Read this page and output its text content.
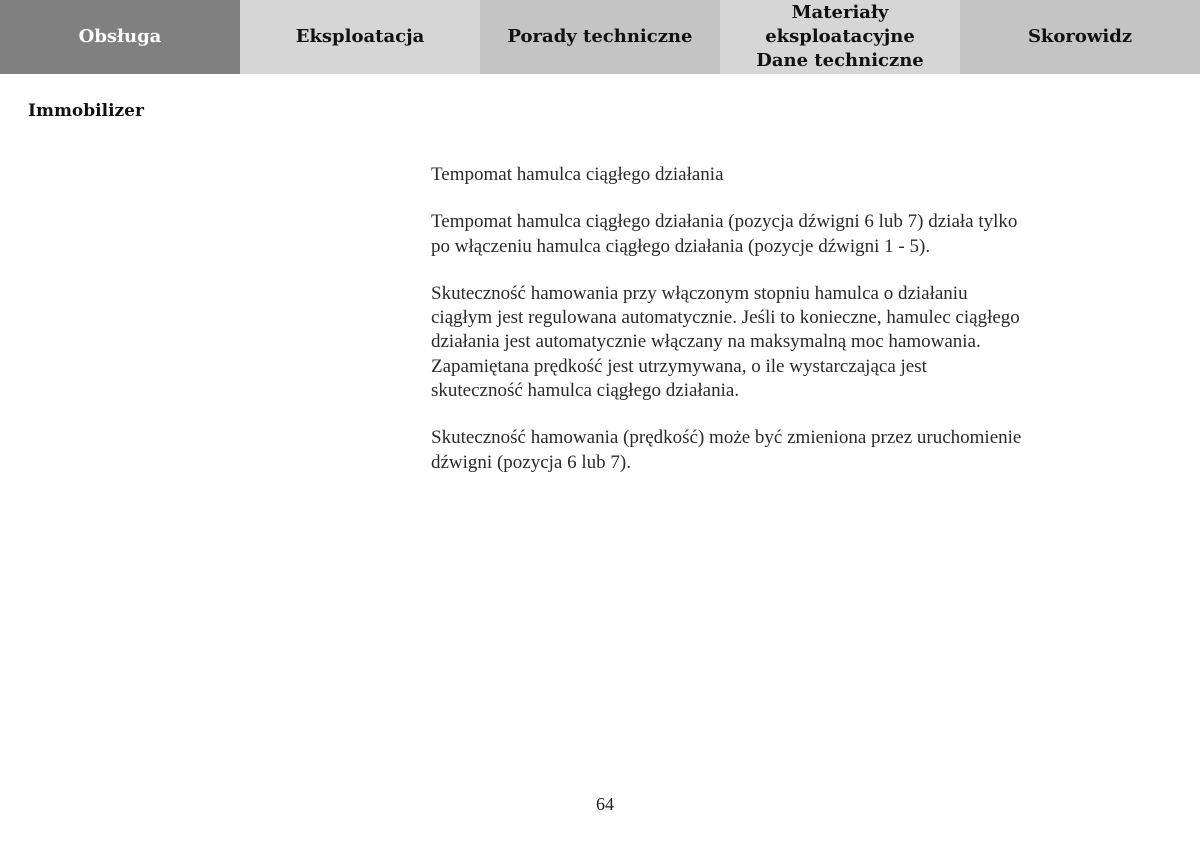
Obsługa	Eksploatacja	Porady techniczne
Materiały eksploatacyjne
Dane techniczne
Skorowidz
Immobilizer
Tempomat hamulca ciągłego działania

Tempomat hamulca ciągłego działania (pozycja dźwigni 6 lub 7) działa tylko
po włączeniu hamulca ciągłego działania (pozycje dźwigni 1 - 5).

Skuteczność hamowania przy włączonym stopniu hamulca o działaniu
ciągłym jest regulowana automatycznie. Jeśli to konieczne, hamulec ciągłego
działania jest automatycznie włączany na maksymalną moc hamowania.
Zapamiętana prędkość jest utrzymywana, o ile wystarczająca jest
skuteczność hamulca ciągłego działania.

Skuteczność hamowania (prędkość) może być zmieniona przez uruchomienie
dźwigni (pozycja 6 lub 7).

64
